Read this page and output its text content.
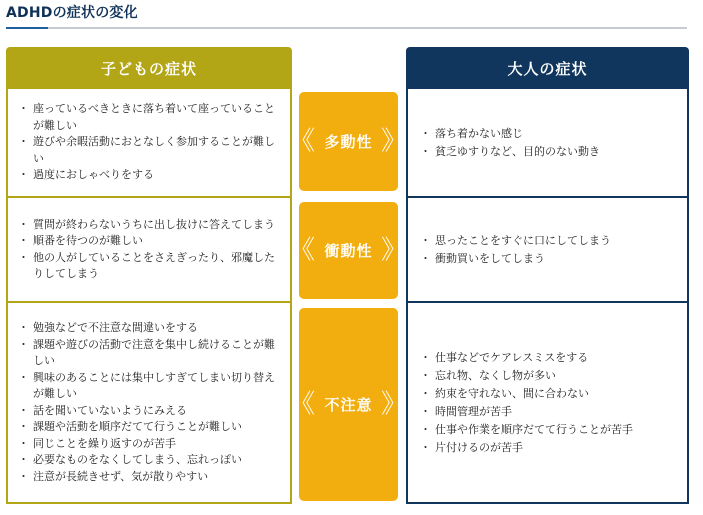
ADHDの症状の変化
子どもの症状	大人の症状
・ 座っているべきときに落ち着いて座っていることが難しい
・ 遊びや余暇活動におとなしく参加することが難しい
・ 過度におしゃべりをする
・ 質問が終わらないうちに出し抜けに答えてしまう
・ 順番を待つのが難しい
・ 他の人がしていることをさえぎったり、邪魔したりしてしまう
・ 勉強などで不注意な間違いをする
・ 課題や遊びの活動で注意を集中し続けることが難しい
・ 興味のあることには集中しすぎてしまい切り替えが難しい
・ 話を聞いていないようにみえる
・ 課題や活動を順序だてて行うことが難しい
・ 同じことを繰り返すのが苦手
・ 必要なものをなくしてしまう、忘れっぽい
・ 注意が長続きせず、気が散りやすい
・ 落ち着かない感じ
・ 貧乏ゆすりなど、目的のない動き
・ 思ったことをすぐに口にしてしまう
・ 衝動買いをしてしまう
・ 仕事などでケアレスミスをする
・ 忘れ物、なくし物が多い
・ 約束を守れない、間に合わない
・ 時間管理が苦手
・ 仕事や作業を順序だてて行うことが苦手
・ 片付けるのが苦手
《 多動性 》
《 衝動性 》
《 不注意 》
